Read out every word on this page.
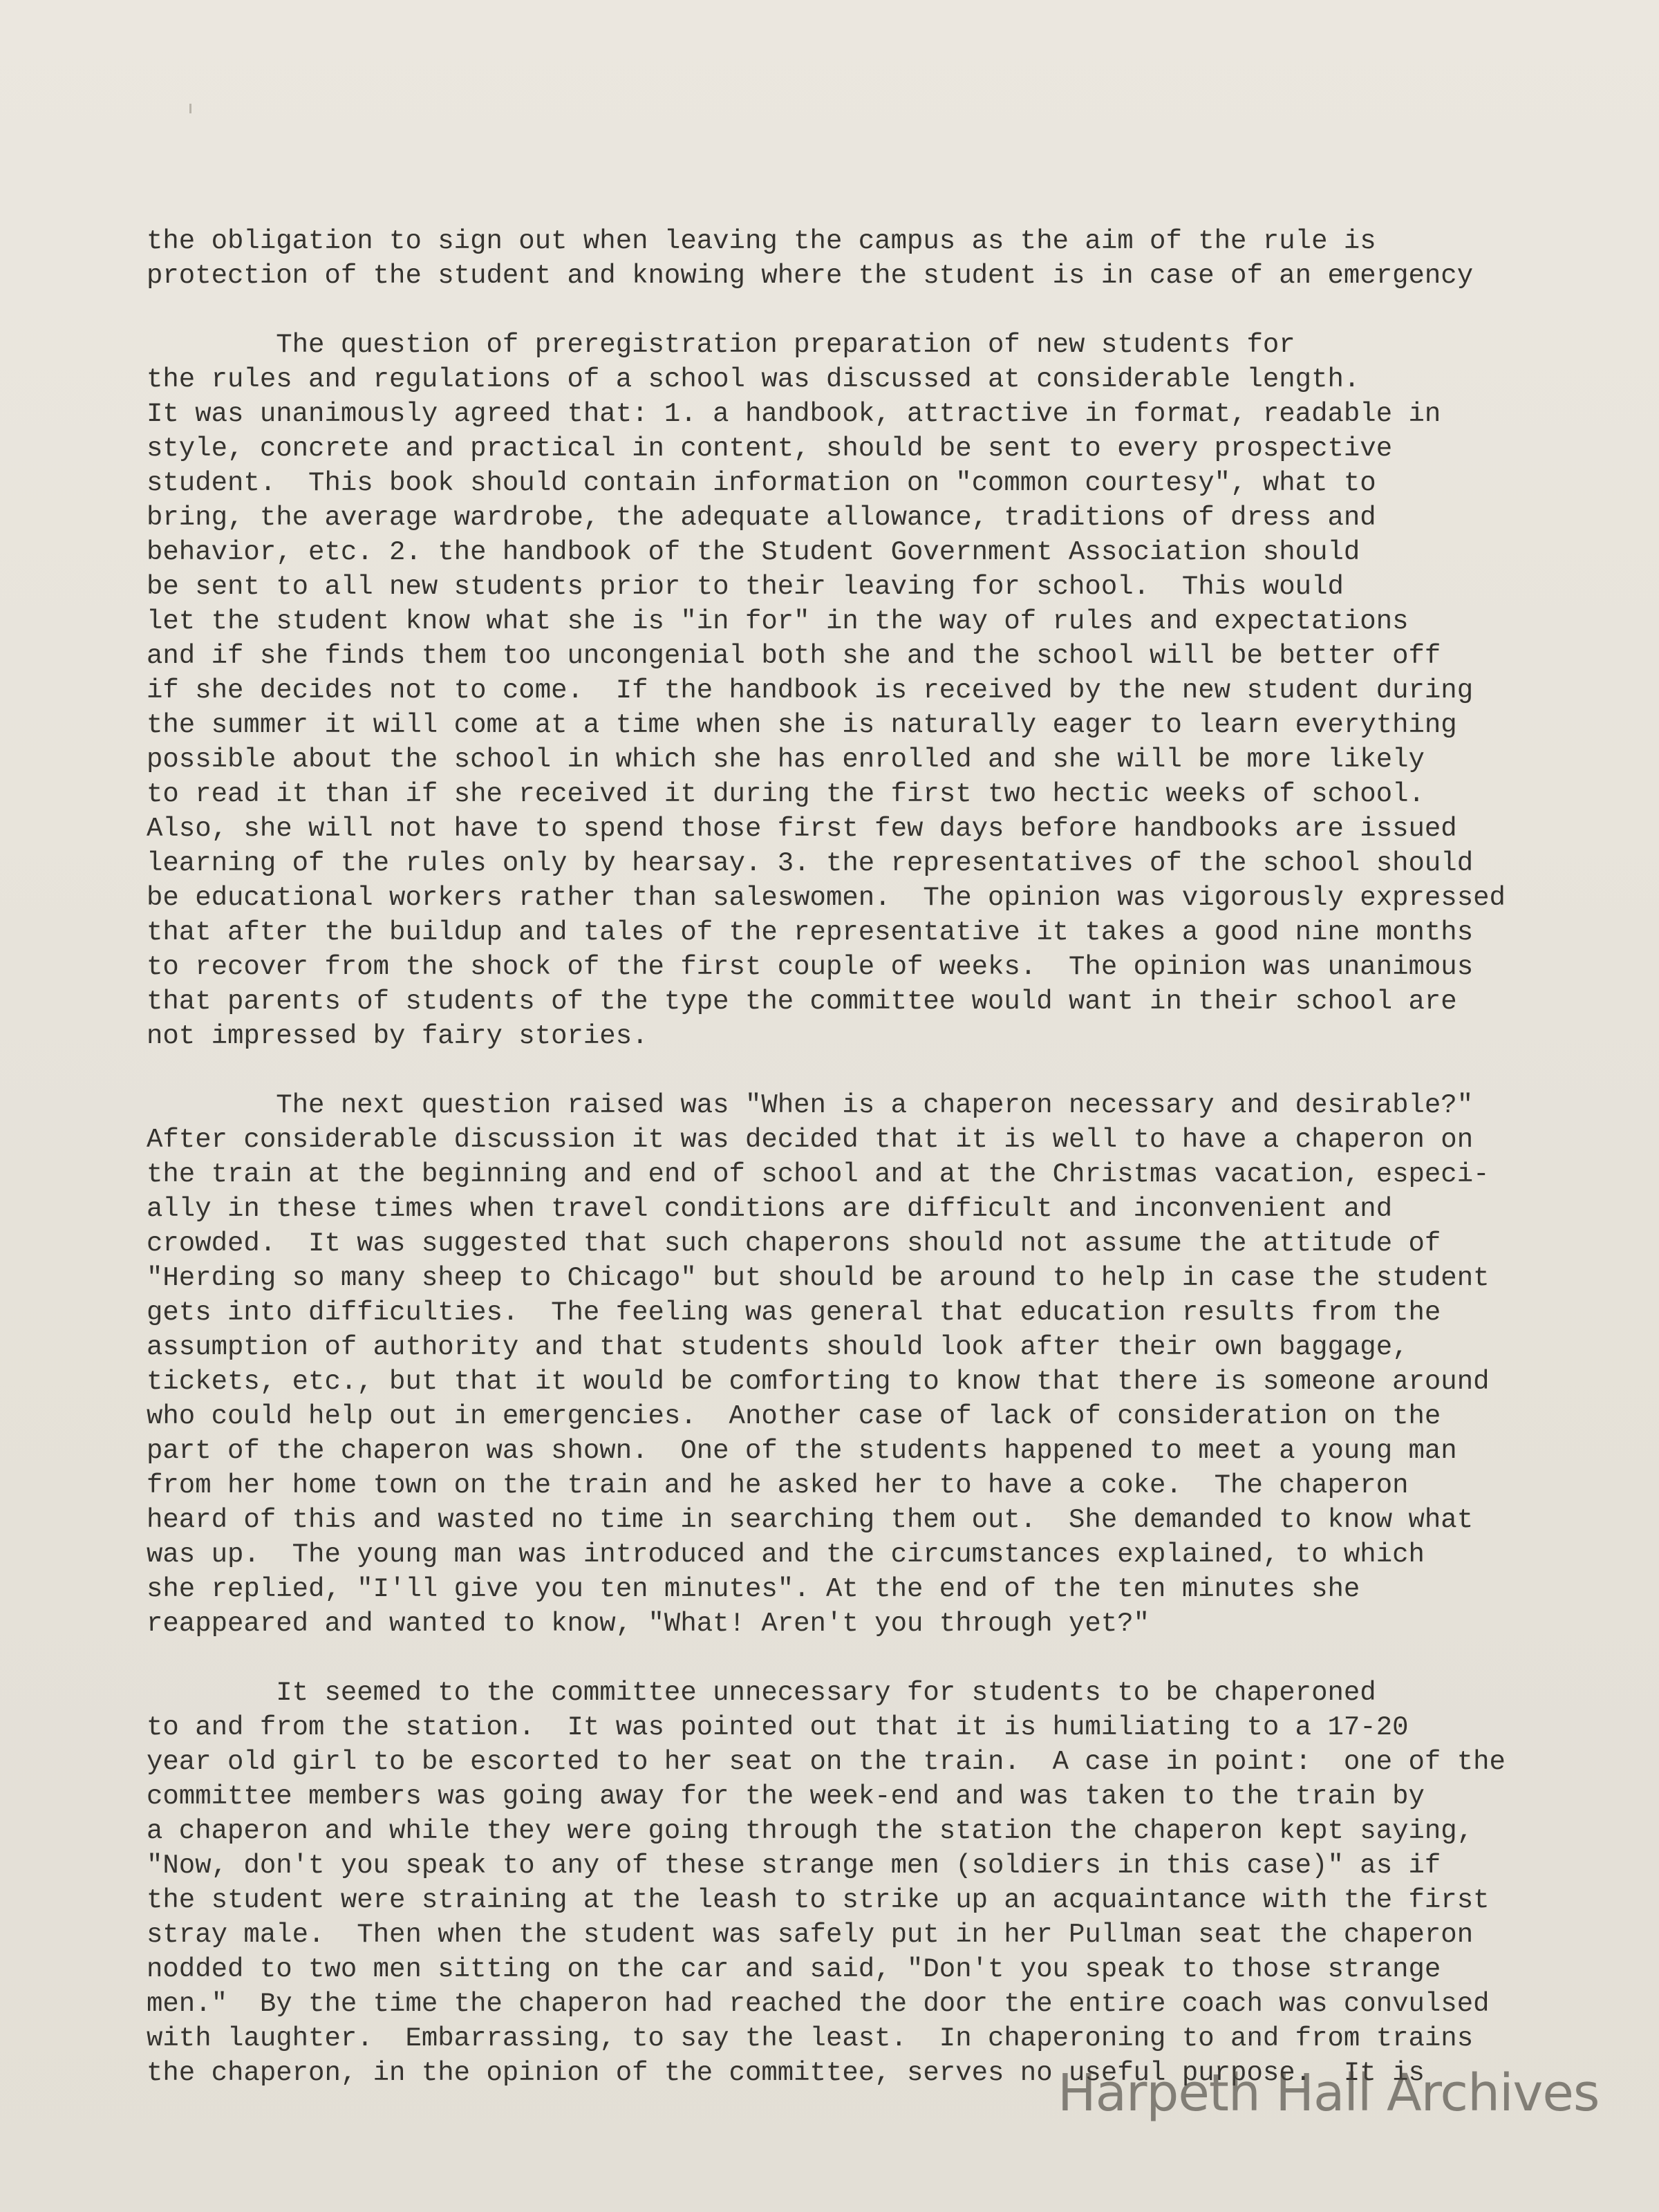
the obligation to sign out when leaving the campus as the aim of the rule is
protection of the student and knowing where the student is in case of an emergency
The question of preregistration preparation of new students for
the rules and regulations of a school was discussed at considerable length.
It was unanimously agreed that: 1. a handbook, attractive in format, readable in
style, concrete and practical in content, should be sent to every prospective
student.  This book should contain information on "common courtesy", what to
bring, the average wardrobe, the adequate allowance, traditions of dress and
behavior, etc. 2. the handbook of the Student Government Association should
be sent to all new students prior to their leaving for school.  This would
let the student know what she is "in for" in the way of rules and expectations
and if she finds them too uncongenial both she and the school will be better off
if she decides not to come.  If the handbook is received by the new student during
the summer it will come at a time when she is naturally eager to learn everything
possible about the school in which she has enrolled and she will be more likely
to read it than if she received it during the first two hectic weeks of school.
Also, she will not have to spend those first few days before handbooks are issued
learning of the rules only by hearsay. 3. the representatives of the school should
be educational workers rather than saleswomen.  The opinion was vigorously expressed
that after the buildup and tales of the representative it takes a good nine months
to recover from the shock of the first couple of weeks.  The opinion was unanimous
that parents of students of the type the committee would want in their school are
not impressed by fairy stories.
The next question raised was "When is a chaperon necessary and desirable?"
After considerable discussion it was decided that it is well to have a chaperon on
the train at the beginning and end of school and at the Christmas vacation, especi-
ally in these times when travel conditions are difficult and inconvenient and
crowded.  It was suggested that such chaperons should not assume the attitude of
"Herding so many sheep to Chicago" but should be around to help in case the student
gets into difficulties.  The feeling was general that education results from the
assumption of authority and that students should look after their own baggage,
tickets, etc., but that it would be comforting to know that there is someone around
who could help out in emergencies.  Another case of lack of consideration on the
part of the chaperon was shown.  One of the students happened to meet a young man
from her home town on the train and he asked her to have a coke.  The chaperon
heard of this and wasted no time in searching them out.  She demanded to know what
was up.  The young man was introduced and the circumstances explained, to which
she replied, "I'll give you ten minutes". At the end of the ten minutes she
reappeared and wanted to know, "What! Aren't you through yet?"
It seemed to the committee unnecessary for students to be chaperoned
to and from the station.  It was pointed out that it is humiliating to a 17-20
year old girl to be escorted to her seat on the train.  A case in point:  one of the
committee members was going away for the week-end and was taken to the train by
a chaperon and while they were going through the station the chaperon kept saying,
"Now, don't you speak to any of these strange men (soldiers in this case)" as if
the student were straining at the leash to strike up an acquaintance with the first
stray male.  Then when the student was safely put in her Pullman seat the chaperon
nodded to two men sitting on the car and said, "Don't you speak to those strange
men."  By the time the chaperon had reached the door the entire coach was convulsed
with laughter.  Embarrassing, to say the least.  In chaperoning to and from trains
the chaperon, in the opinion of the committee, serves no useful purpose.  It is
Harpeth Hall Archives
